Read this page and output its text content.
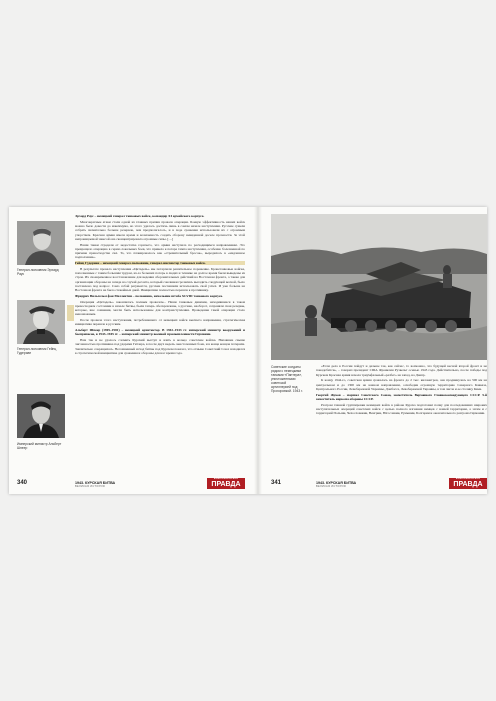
Генерал-полковник Эрхард Раус
Генерал-полковник Гейнц Гудериан
Имперский министр Альберт Шпеер

Эрхард Раус – немецкий генерал танковых войск, командир XI армейского корпуса.

Многократные атаки стали одной из главных причин провала операции. Боевую эффективность наших войск можно было довести до максимума, но этого удалось достичь лишь в самом начале наступления. Русские сумели собрать значительно больше резервов, чем предполагалось, и в ходе сражения использовали их с огромным упорством. Красная армия имела время и возможность создать оборону невиданной доселе прочности. За этой непроницаемой завесой она сконцентрировала огромные силы. […]

Наши танки страдали от недостатка горючего, что армия наступала по расходящимся направлениям. Это превращало операцию в серию локальных боев, что привело к потере темпа наступления, особенно болезненной по причине превосходства сил. То, что планировалось как «стремительный бросок», выродилось в «медленное подползание».

Гейнц Гудериан – немецкий генерал-полковник, генерал-инспектор танковых войск.

В результате провала наступления «Цитадель» мы потерпели решительное поражение. Бронетанковые войска, пополненные с таким большим трудом, из-за больших потерь в людях и технике на долгое время были выведены из строя. Их своевременное восстановление для ведения оборонительных действий на Восточном фронте, а также для организации обороны на западе на случай десанта, который союзники грозились высадить следующей весной, было поставлено под вопрос. Само собой разумеется, русские поспешили использовать свой успех. И уже больше на Восточном фронте не было спокойных дней. Инициатива полностью перешла к противнику.

Фридрих Вильгельм фон Меллентин – полковник, начальник штаба XLVIII танкового корпуса.

Операция «Цитадель» закончилась полным провалом... Наши танковые дивизии, находившиеся в таком превосходном состоянии в начале битвы, были теперь обескровлены, а русские, наоборот, сохраняли свои резервы, которые, вне сомнения, могли быть использованы для контрнаступления. Проведение такой операции стало невозможным.

После провала этого наступления, потребовавшего от немецких войск высшего напряжения, стратегическая инициатива перешла к русским.

Альберт Шпеер (1905–1981) – немецкий архитектор. В 1942–1943 гг. имперский министр вооружений и боеприпасов, в 1943–1945 гг. – имперский министр военной промышленности Германии.

Нам так и не удалось сломить Курский выступ и взять в кольцо советские войска. Напавшие свыше численностью противника под ударами Гитлера, в после двух недель ожесточенных боев, и в конце концов потеряли. Значительно сокращилась. Несомненный исход битвы под Курском показал, что отныне Советский Союз находился в стратегической инициативе для сражения и обороны для нас время года.

340	1943. КУРСКАЯ БИТВА
ВЕЛИКАЯ ИСТОРИЯ
КОМСОМОЛЬСКАЯ
ПРАВДА
Советские солдаты рядом с немецкими танками «Пантера», уничтоженными советской артиллерией под Прохоровкой. 1943 г.

«Если дела в России пойдут и дальше так, как сейчас, то возможно, что будущей весной второй фронт и не понадобится», – говорил президент США Франклин Рузвельт осенью 1943 года. Действительно, после победы под Курском Красная армия начала триумфальный «разбег» на запад, на Днепр.

К концу 1944-го, советская армия сражалась на фронте до 2 тыс. километров, она продвинулась на 500 км на центральном и до 1300 км на южном направлении, освободив огромную территорию Северного Кавказа, Центрального России, Левобережной Украины, Донбасса, Левобережной Украины, в том числе и ее столицу Киев.

Георгий Жуков – маршал Советского Союза, заместитель Верховного Главнокомандующего СССР. 5-й заместитель наркома обороны СССР.

Разгром главной группировки немецких войск в районе Курска подготовил почву для последовавших широких наступательных операций советских войск с целью полного изгнания немцев с нашей территории, а затем и с территорий Польши, Чехословакии, Венгрии, Югославии, Румынии, Болгарии и окончательного разгрома Германии.

341	1943. КУРСКАЯ БИТВА
ВЕЛИКАЯ ИСТОРИЯ
КОМСОМОЛЬСКАЯ
ПРАВДА
